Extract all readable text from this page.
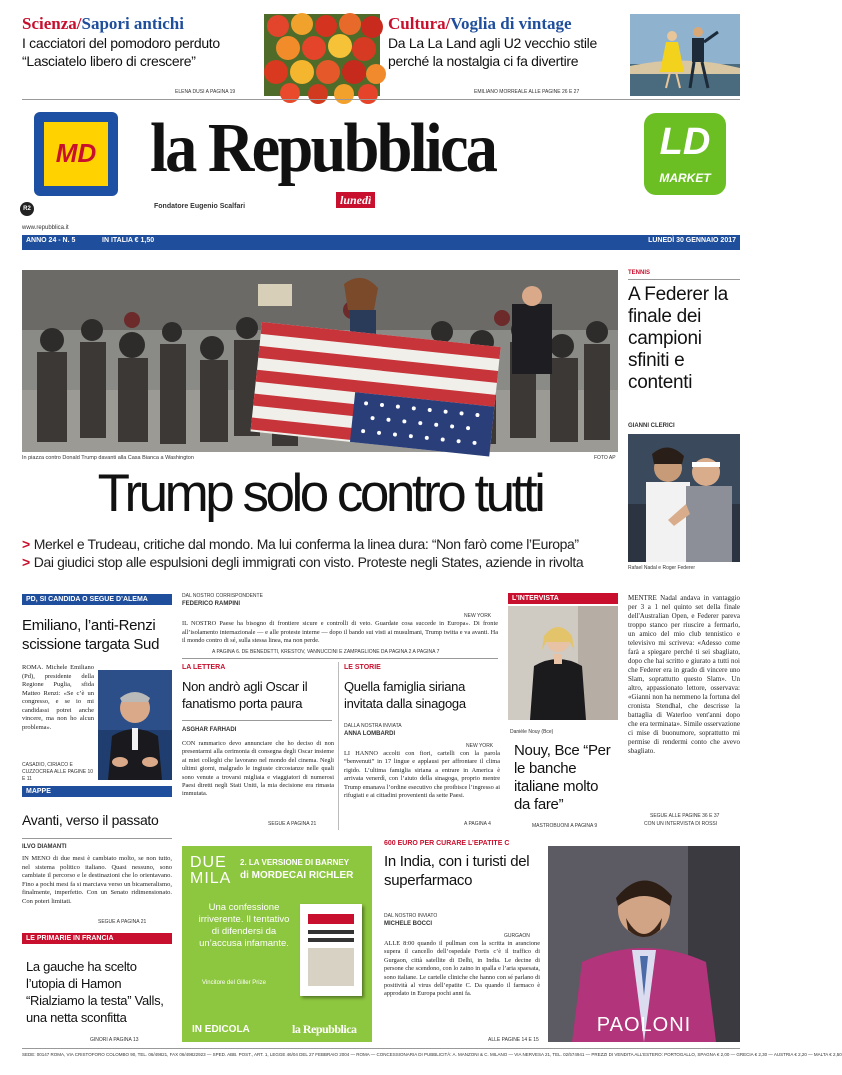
Scienza/Sapori antichi
I cacciatori del pomodoro perduto
“Lasciatelo libero di crescere”
ELENA DUSI A PAGINA 19
Cultura/Voglia di vintage
Da La La Land agli U2 vecchio stile
perché la nostalgia ci fa divertire
EMILIANO MORREALE ALLE PAGINE 26 E 27
MD la Repubblica
lunedì
Fondatore Eugenio Scalfari
LD
MARKET
R2
www.repubblica.it
ANNO 24 - N. 5	IN ITALIA € 1,50	LUNEDÌ 30 GENNAIO 2017
In piazza contro Donald Trump davanti alla Casa Bianca a Washington	FOTO AP
Trump solo contro tutti
> Merkel e Trudeau, critiche dal mondo. Ma lui conferma la linea dura: “Non farò come l’Europa”
> Dai giudici stop alle espulsioni degli immigrati con visto. Proteste negli States, aziende in rivolta
TENNIS
A Federer la finale dei campioni sfiniti e contenti
GIANNI CLERICI
Rafael Nadal e Roger Federer
PD, SI CANDIDA O SEGUE D’ALEMA
Emiliano, l’anti-Renzi scissione targata Sud
ROMA. Michele Emiliano (Pd), presidente della Regione Puglia, sfida Matteo Renzi: «Se c’è un congresso, e se io mi candidassi potrei anche vincere, ma non ho alcun problema».
CASADIO, CIRIACO E CUZZOCREA ALLE PAGINE 10 E 11
MAPPE
Avanti, verso il passato
ILVO DIAMANTI
IN MENO di due mesi è cambiato molto, se non tutto, nel sistema politico italiano. Quasi nessuno, sono cambiate il percorso e le destinazioni che lo orientavano. Fino a pochi mesi fa si marciava verso un bicameralismo, finalmente, imperfetto. Con un Senato ridimensionato. Con poteri limitati.
SEGUE A PAGINA 21
LE PRIMARIE IN FRANCIA
La gauche ha scelto l’utopia di Hamon “Rialziamo la testa” Valls, una netta sconfitta
GINORI A PAGINA 13
DAL NOSTRO CORRISPONDENTE
FEDERICO RAMPINI
NEW YORK
IL NOSTRO Paese ha bisogno di frontiere sicure e controlli di veto. Guardate cosa succede in Europa». Di fronte all’isolamento internazionale — e alle proteste interne — dopo il bando sui visti ai musulmani, Trump twitta e va avanti. Ha il mondo contro di sé, sulla stessa linea, ma non perde.
A PAGINA 6. DE BENEDETTI, KRESTOV, VANNUCCINI E ZAMPAGLIONE DA PAGINA 2 A PAGINA 7
LA LETTERA
Non andrò agli Oscar il fanatismo porta paura
ASGHAR FARHADI
CON rammarico devo annunciare che ho deciso di non presentarmi alla cerimonia di consegna degli Oscar insieme ai miei colleghi che lavorano nel mondo del cinema. Negli ultimi giorni, malgrado le ingiuste circostanze nelle quali sono venute a trovarsi migliaia e viaggiatori di numerosi Paesi diretti negli Stati Uniti, la mia decisione era rimasta immutata.
SEGUE A PAGINA 21
LE STORIE
Quella famiglia siriana invitata dalla sinagoga
DALLA NOSTRA INVIATA
ANNA LOMBARDI
NEW YORK
LI HANNO accolti con fiori, cartelli con la parola “benvenuti” in 17 lingue e applausi per affrontare il clima rigido. L’ultima famiglia siriana a entrare in America è arrivata venerdì, con l’aiuto della sinagoga, proprio mentre Trump emanava l’ordine esecutivo che proibisce l’ingresso ai rifugiati e ai cittadini provenienti da sette Paesi.
A PAGINA 4
L’INTERVISTA
Danièle Nouy (Bce)
Nouy, Bce “Per le banche italiane molto da fare”
MASTROBUONI A PAGINA 9
MENTRE Nadal andava in vantaggio per 3 a 1 nel quinto set della finale dell'Australian Open, e Federer pareva troppo stanco per riuscire a fermarlo, un amico del mio club tennistico e televisivo mi scriveva: «Adesso come farà a spiegare perché ti sei sbagliato, dopo che hai scritto e giurato a tutti noi che Federer era in grado di vincere uno Slam, soprattutto questo Slam». Un altro, appassionato lettore, osservava: «Gianni non ha nemmeno la fortuna del cronista Stendhal, che descrisse la battaglia di Waterloo vent'anni dopo che era terminata». Simile osservazione ci mise di buonumore, soprattutto mi permise di rendermi conto che avevo sbagliato.
SEGUE ALLE PAGINE 36 E 37
CON UN INTERVISTA DI ROSSI
DUE
MILA
2. LA VERSIONE DI BARNEY
di MORDECAI RICHLER
Una confessione irriverente. Il tentativo di difendersi da un’accusa infamante.
Vincitore del Giller Prize
IN EDICOLA	la Repubblica
600 EURO PER CURARE L’EPATITE C
In India, con i turisti del superfarmaco
DAL NOSTRO INVIATO
MICHELE BOCCI
GURGAON
ALLE 8:00 quando il pullman con la scritta in arancione supera il cancello dell’ospedale Fortis c’è il traffico di Gurgaon, città satellite di Delhi, in India. Le decine di persone che scendono, con lo zaino in spalla e l’aria spaesata, sono italiane. Le cartelle cliniche che hanno con sé parlano di positività al virus dell’epatite C. Da quando il farmaco è approdato in Europa pochi anni fa.
ALLE PAGINE 14 E 15
PAOLONI
SEDE: 00147 ROMA, VIA CRISTOFORO COLOMBO 90, TEL. 06/49821, FAX 06/49822923 — SPED. ABB. POST., ART. 1, LEGGE 46/04 DEL 27 FEBBRAIO 2004 — ROMA — CONCESSIONARIA DI PUBBLICITÀ: A. MANZONI & C. MILANO — VIA NERVESA 21, TEL. 02/574941 — PREZZI DI VENDITA ALL’ESTERO: PORTOGALLO, SPAGNA € 2,00 — GRECIA € 2,30 — AUSTRIA € 2,20 — MALTA € 2,50
